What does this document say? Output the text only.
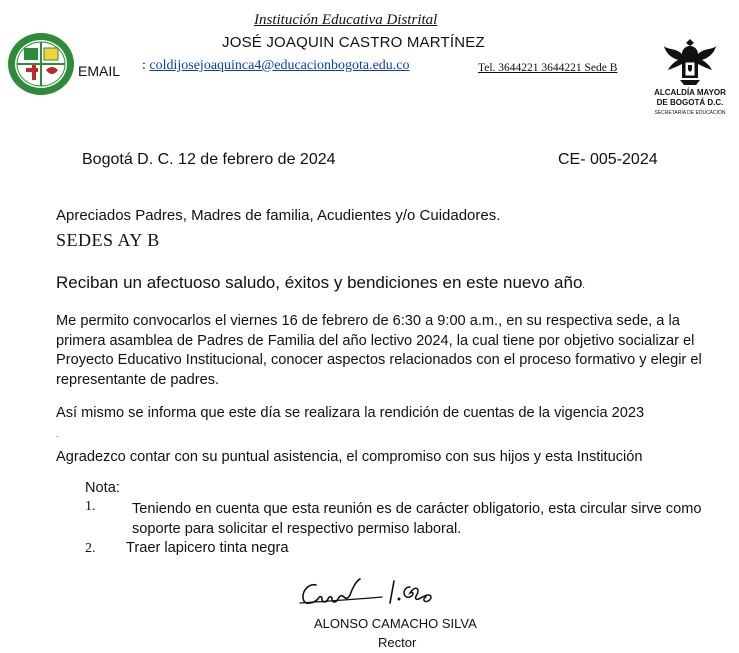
Institución Educativa Distrital
JOSÉ JOAQUIN CASTRO MARTÍNEZ
EMAIL : coldijosejoaquinca4@educacionbogota.edu.co	Tel. 3644221 3644221 Sede B
ALCALDÍA MAYOR
DE BOGOTÁ D.C.
SECRETARÍA DE EDUCACIÓN
Bogotá D. C. 12 de febrero de 2024	CE- 005-2024
Apreciados Padres, Madres de familia, Acudientes y/o Cuidadores.
SEDES AY B
Reciban un afectuoso saludo, éxitos y bendiciones en este nuevo año.
Me permito convocarlos el viernes 16 de febrero de 6:30 a 9:00 a.m., en su respectiva sede, a la primera asamblea de Padres de Familia del año lectivo 2024, la cual tiene por objetivo socializar el Proyecto Educativo Institucional, conocer aspectos relacionados con el proceso formativo y elegir el representante de padres.
Así mismo se informa que este día se realizara la rendición de cuentas de la vigencia 2023
.
Agradezco contar con su puntual asistencia, el compromiso con sus hijos y esta Institución
Nota:
1.	Teniendo en cuenta que esta reunión es de carácter obligatorio, esta circular sirve como soporte para solicitar el respectivo permiso laboral.
2. Traer lapicero tinta negra
ALONSO CAMACHO SILVA
Rector
